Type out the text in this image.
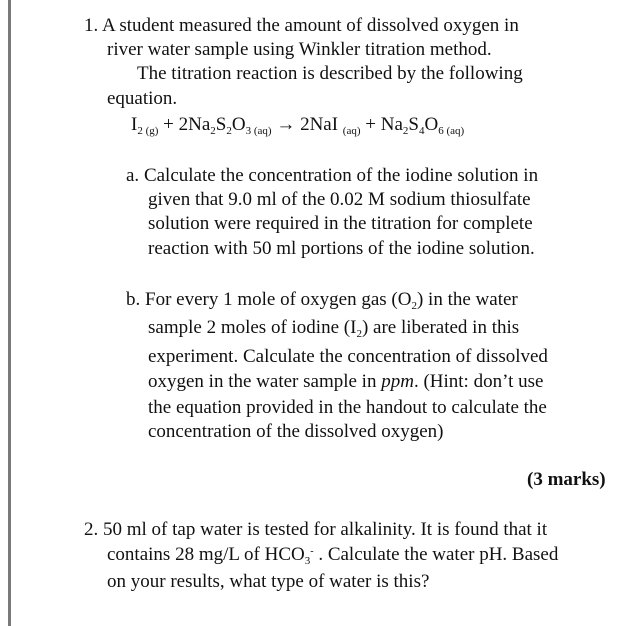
1. A student measured the amount of dissolved oxygen in
river water sample using Winkler titration method.
The titration reaction is described by the following
equation.
$I_{2 (g)} + 2Na_2S_2O_{3 (aq)} \to 2NaI$ $_{(aq)} + Na_2S_4O_{6 (aq)}$
a. Calculate the concentration of the iodine solution in
given that 9.0 ml of the 0.02 M sodium thiosulfate
solution were required in the titration for complete
reaction with 50 ml portions of the iodine solution.
b. For every 1 mole of oxygen gas $(O_2)$ in the water
sample 2 moles of iodine $(I_2)$ are liberated in this
experiment. Calculate the concentration of dissolved
oxygen in the water sample in ppm. (Hint: don’t use
the equation provided in the handout to calculate the
concentration of the dissolved oxygen)
(3 marks)
2. 50 ml of tap water is tested for alkalinity. It is found that it
contains 28 mg/L of $HCO_3^-$ . Calculate the water pH. Based
on your results, what type of water is this?
